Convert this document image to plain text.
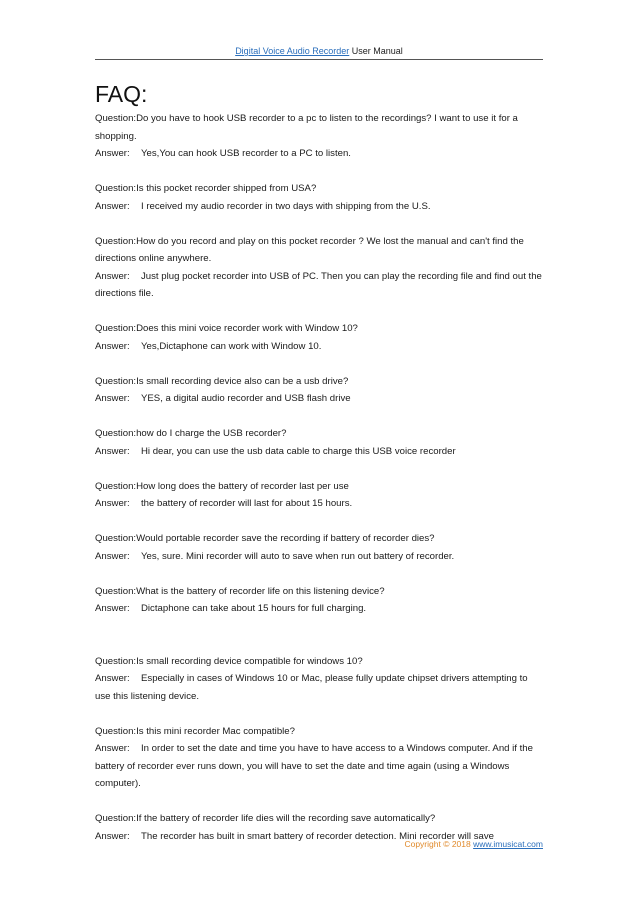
Digital Voice Audio Recorder User Manual
FAQ:

Question:Do you have to hook USB recorder to a pc to listen to the recordings? I want to use it for a shopping.

Answer: Yes,You can hook USB recorder to a PC to listen.

Question:Is this pocket recorder shipped from USA?

Answer: I received my audio recorder in two days with shipping from the U.S.

Question:How do you record and play on this pocket recorder ? We lost the manual and can't find the directions online anywhere.

Answer: Just plug pocket recorder into USB of PC. Then you can play the recording file and find out the directions file.

Question:Does this mini voice recorder work with Window 10?

Answer: Yes,Dictaphone can work with Window 10.

Question:Is small recording device also can be a usb drive?

Answer: YES, a digital audio recorder and USB flash drive

Question:how do I charge the USB recorder?

Answer: Hi dear, you can use the usb data cable to charge this USB voice recorder

Question:How long does the battery of recorder last per use

Answer: the battery of recorder will last for about 15 hours.

Question:Would portable recorder save the recording if battery of recorder dies?

Answer: Yes, sure. Mini recorder will auto to save when run out battery of recorder.

Question:What is the battery of recorder life on this listening device?

Answer: Dictaphone can take about 15 hours for full charging.

Question:Is small recording device compatible for windows 10?

Answer: Especially in cases of Windows 10 or Mac, please fully update chipset drivers attempting to use this listening device.

Question:Is this mini recorder Mac compatible?

Answer: In order to set the date and time you have to have access to a Windows computer. And if the battery of recorder ever runs down, you will have to set the date and time again (using a Windows computer).

Question:If the battery of recorder life dies will the recording save automatically?

Answer: The recorder has built in smart battery of recorder detection. Mini recorder will save

Copyright © 2018 www.imusicat.com
